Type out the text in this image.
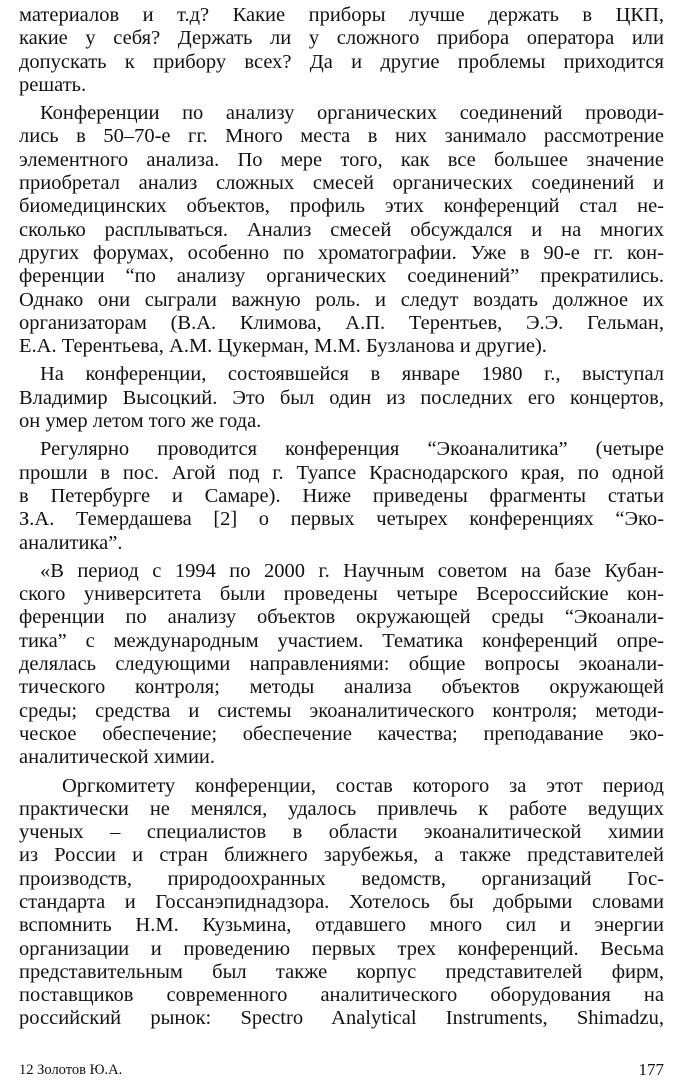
материалов и т.д? Какие приборы лучше держать в ЦКП,
какие у себя? Держать ли у сложного прибора оператора или
допускать к прибору всех? Да и другие проблемы приходится
решать.
Конференции по анализу органических соединений проводи-
лись в 50–70-е гг. Много места в них занимало рассмотрение
элементного анализа. По мере того, как все большее значение
приобретал анализ сложных смесей органических соединений и
биомедицинских объектов, профиль этих конференций стал не-
сколько расплываться. Анализ смесей обсуждался и на многих
других форумах, особенно по хроматографии. Уже в 90-е гг. кон-
ференции “по анализу органических соединений” прекратились.
Однако они сыграли важную роль. и следут воздать должное их
организаторам (В.А. Климова, А.П. Терентьев, Э.Э. Гельман,
Е.А. Терентьева, А.М. Цукерман, М.М. Бузланова и другие).
На конференции, состоявшейся в январе 1980 г., выступал
Владимир Высоцкий. Это был один из последних его концертов,
он умер летом того же года.
Регулярно проводится конференция “Экоаналитика” (четыре
прошли в пос. Агой под г. Туапсе Краснодарского края, по одной
в Петербурге и Самаре). Ниже приведены фрагменты статьи
З.А. Темердашева [2] о первых четырех конференциях “Эко-
аналитика”.
«В период с 1994 по 2000 г. Научным советом на базе Кубан-
ского университета были проведены четыре Всероссийские кон-
ференции по анализу объектов окружающей среды “Экоанали-
тика” с международным участием. Тематика конференций опре-
делялась следующими направлениями: общие вопросы экоанали-
тического контроля; методы анализа объектов окружающей
среды; средства и системы экоаналитического контроля; методи-
ческое обеспечение; обеспечение качества; преподавание эко-
аналитической химии.
Оргкомитету конференции, состав которого за этот период
практически не менялся, удалось привлечь к работе ведущих
ученых – специалистов в области экоаналитической химии
из России и стран ближнего зарубежья, а также представителей
производств, природоохранных ведомств, организаций Гос-
стандарта и Госсанэпиднадзора. Хотелось бы добрыми словами
вспомнить Н.М. Кузьмина, отдавшего много сил и энергии
организации и проведению первых трех конференций. Весьма
представительным был также корпус представителей фирм,
поставщиков современного аналитического оборудования на
российский рынок: Spectro Analytical Instruments, Shimadzu,
12 Золотов Ю.А.	177
